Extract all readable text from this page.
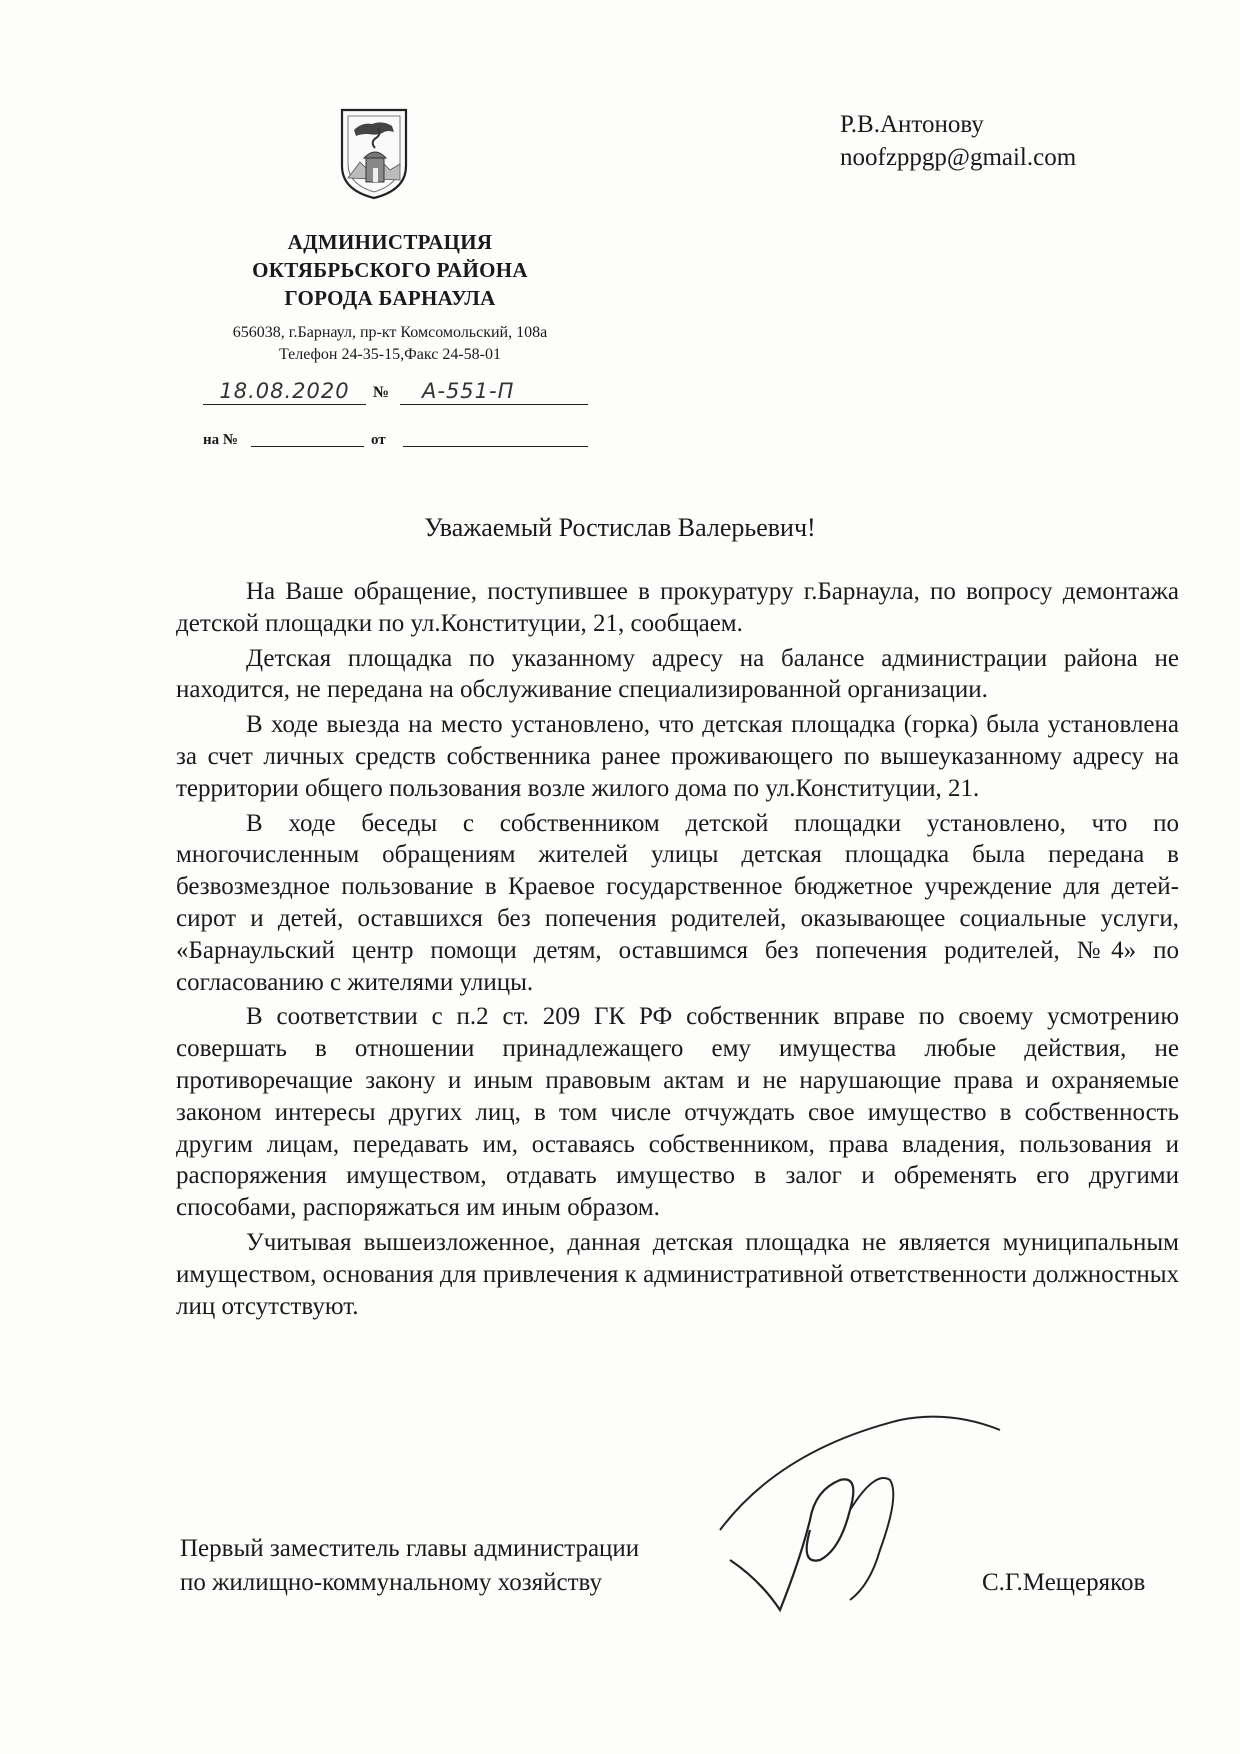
АДМИНИСТРАЦИЯ
ОКТЯБРЬСКОГО РАЙОНА
ГОРОДА БАРНАУЛА
656038, г.Барнаул, пр-кт Комсомольский, 108а
Телефон 24-35-15,Факс 24-58-01
18.08.2020	№	А-551-П
на №	от
Р.В.Антонову
noofzppgp@gmail.com
Уважаемый Ростислав Валерьевич!

На Ваше обращение, поступившее в прокуратуру г.Барнаула, по вопросу демонтажа детской площадки по ул.Конституции, 21, сообщаем.

Детская площадка по указанному адресу на балансе администрации района не находится, не передана на обслуживание специализированной организации.

В ходе выезда на место установлено, что детская площадка (горка) была установлена за счет личных средств собственника ранее проживающего по вышеуказанному адресу на территории общего пользования возле жилого дома по ул.Конституции, 21.

В ходе беседы с собственником детской площадки установлено, что по многочисленным обращениям жителей улицы детская площадка была передана в безвозмездное пользование в Краевое государственное бюджетное учреждение для детей-сирот и детей, оставшихся без попечения родителей, оказывающее социальные услуги, «Барнаульский центр помощи детям, оставшимся без попечения родителей, №4» по согласованию с жителями улицы.

В соответствии с п.2 ст. 209 ГК РФ собственник вправе по своему усмотрению совершать в отношении принадлежащего ему имущества любые действия, не противоречащие закону и иным правовым актам и не нарушающие права и охраняемые законом интересы других лиц, в том числе отчуждать свое имущество в собственность другим лицам, передавать им, оставаясь собственником, права владения, пользования и распоряжения имуществом, отдавать имущество в залог и обременять его другими способами, распоряжаться им иным образом.

Учитывая вышеизложенное, данная детская площадка не является муниципальным имуществом, основания для привлечения к административной ответственности должностных лиц отсутствуют.

Первый заместитель главы администрации
по жилищно-коммунальному хозяйству	С.Г.Мещеряков
